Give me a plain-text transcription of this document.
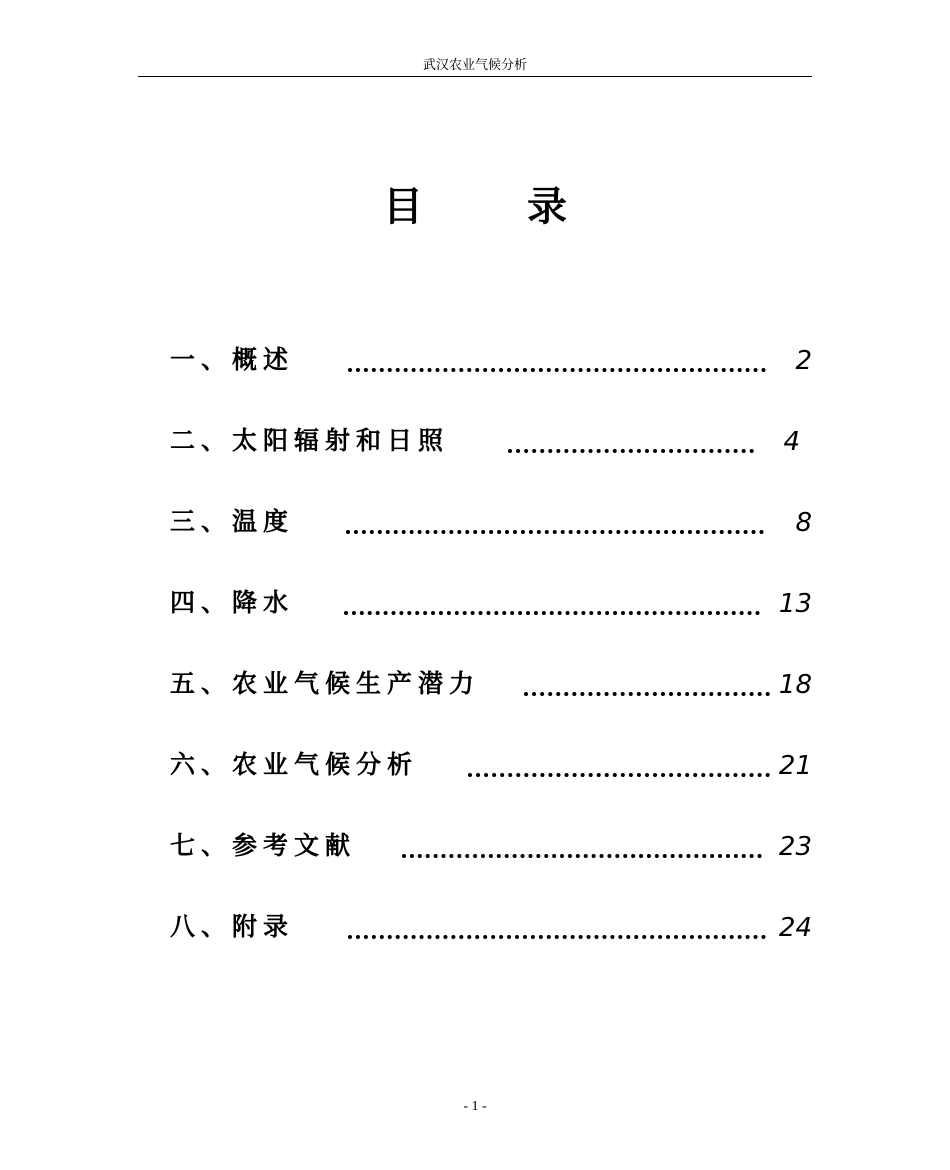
武汉农业气候分析
目	录
一、概述	2
二、太阳辐射和日照	4
三、温度	8
四、降水	13
五、农业气候生产潜力	18
六、农业气候分析	21
七、参考文献	23
八、附录	24
- 1 -
